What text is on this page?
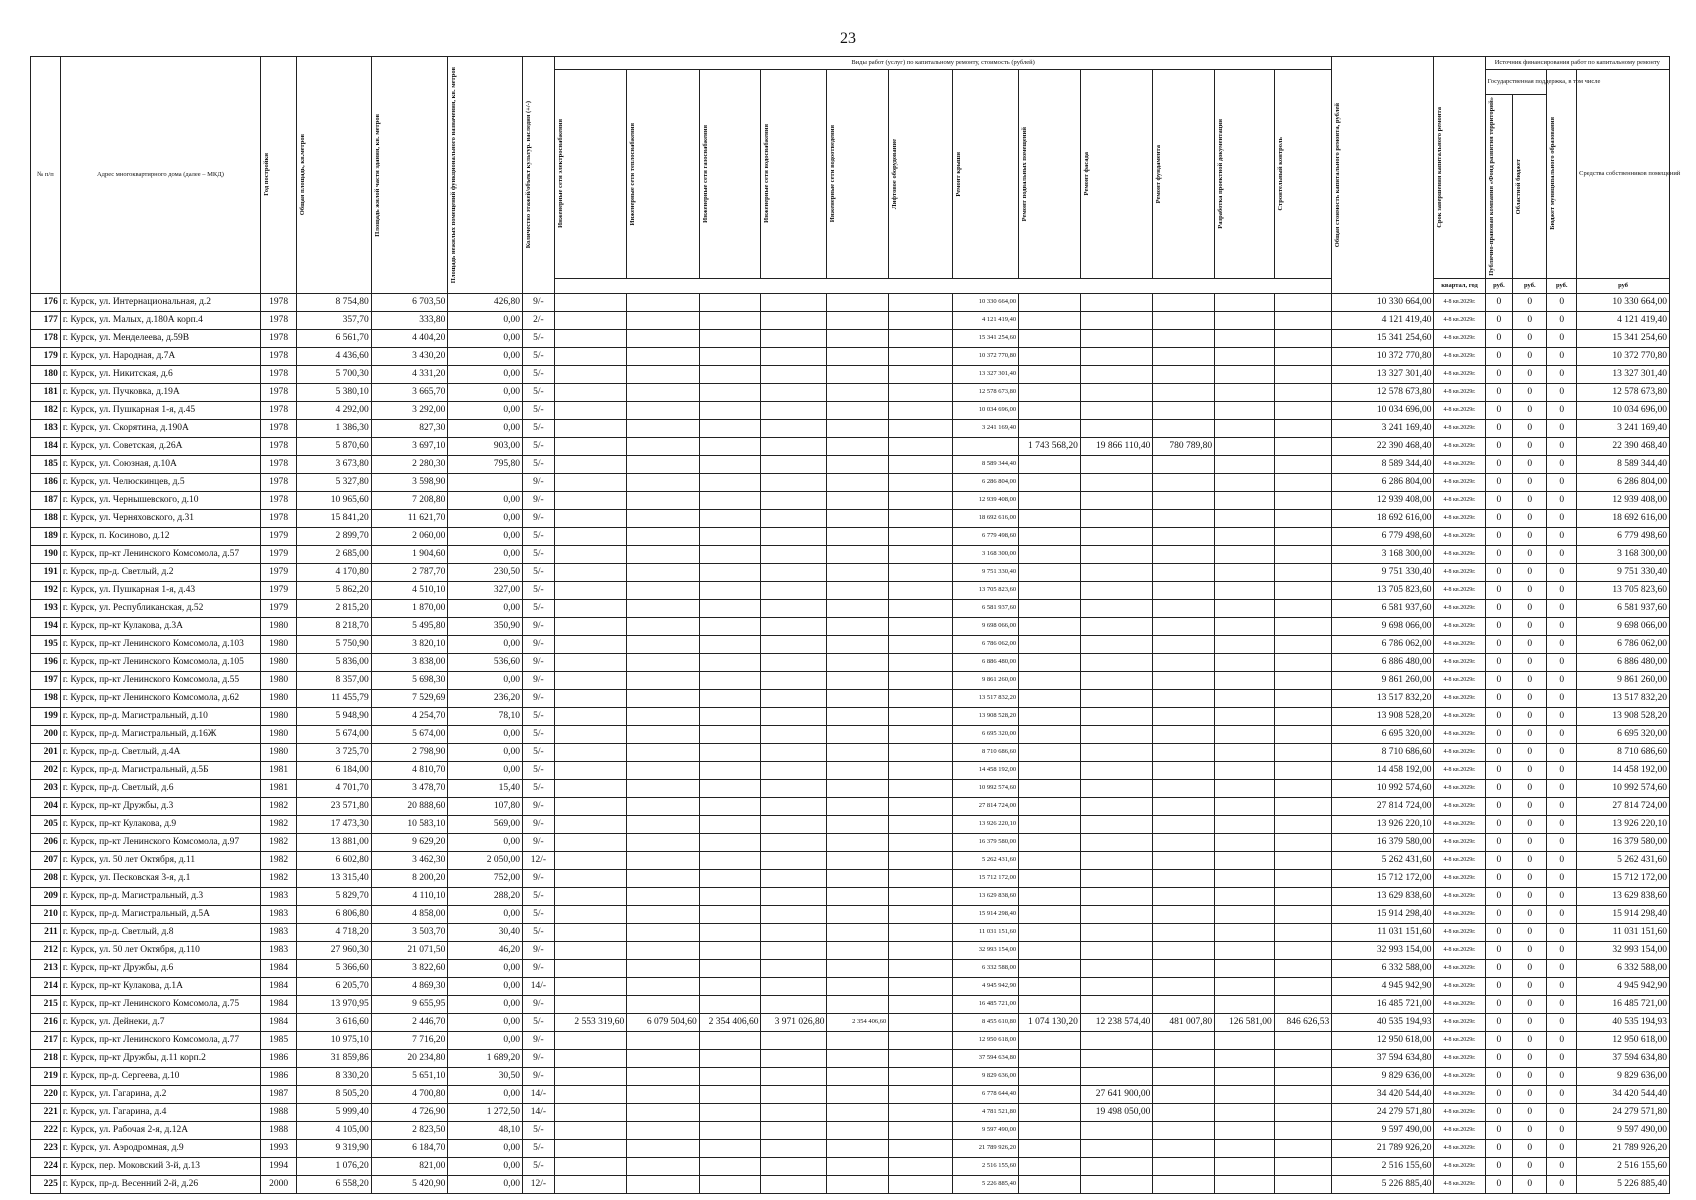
23
№ п/п	Адрес многоквартирного дома (далее – МКД)	Год постройки	Общая площадь, кв.метров	Площадь жилой части здания, кв. метров	Площадь нежилых помещений функционального назначения, кв. метров	Количество этажей/объект культур. наследия (+/-)	Виды работ (услуг) по капитальному ремонту, стоимость (рублей)												Общая стоимость капитального ремонта, рублей	Срок завершения капитального ремонта	Источник финансирования работ по капитальному ремонту			

							Инженерные сети электроснабжения	Инженерные сети теплоснабжения	Инженерные сети газоснабжения	Инженерные сети водоснабжения	Инженерные сети водоотведения	Лифтовое оборудование	Ремонт крыши	Ремонт подвальных помещений	Ремонт фасада	Ремонт фундамента	Разработка проектной документации	Строительный контроль			Государственная поддержка, в том числе		Бюджет муниципального образования	Средства собственников помещений

																					Публично-правовая компания «Фонд развития территорий»	Областной бюджет		

																				квартал, год	руб.	руб.	руб.	руб
176	г. Курск, ул. Интернациональная, д.2	1978	8 754,80	6 703,50	426,80	9/-							10 330 664,00						10 330 664,00	4-8 кв.2029г.	0	0	0	10 330 664,00
177	г. Курск, ул. Малых, д.180А корп.4	1978	357,70	333,80	0,00	2/-							4 121 419,40						4 121 419,40	4-8 кв.2029г.	0	0	0	4 121 419,40
178	г. Курск, ул. Менделеева, д.59В	1978	6 561,70	4 404,20	0,00	5/-							15 341 254,60						15 341 254,60	4-8 кв.2029г.	0	0	0	15 341 254,60
179	г. Курск, ул. Народная, д.7А	1978	4 436,60	3 430,20	0,00	5/-							10 372 770,80						10 372 770,80	4-8 кв.2029г.	0	0	0	10 372 770,80
180	г. Курск, ул. Никитская, д.6	1978	5 700,30	4 331,20	0,00	5/-							13 327 301,40						13 327 301,40	4-8 кв.2029г.	0	0	0	13 327 301,40
181	г. Курск, ул. Пучковка, д.19А	1978	5 380,10	3 665,70	0,00	5/-							12 578 673,80						12 578 673,80	4-8 кв.2029г.	0	0	0	12 578 673,80
182	г. Курск, ул. Пушкарная 1-я, д.45	1978	4 292,00	3 292,00	0,00	5/-							10 034 696,00						10 034 696,00	4-8 кв.2029г.	0	0	0	10 034 696,00
183	г. Курск, ул. Скорятина, д.190А	1978	1 386,30	827,30	0,00	5/-							3 241 169,40						3 241 169,40	4-8 кв.2029г.	0	0	0	3 241 169,40
184	г. Курск, ул. Советская, д.26А	1978	5 870,60	3 697,10	903,00	5/-								1 743 568,20	19 866 110,40	780 789,80			22 390 468,40	4-8 кв.2029г.	0	0	0	22 390 468,40
185	г. Курск, ул. Союзная, д.10А	1978	3 673,80	2 280,30	795,80	5/-							8 589 344,40						8 589 344,40	4-8 кв.2029г.	0	0	0	8 589 344,40
186	г. Курск, ул. Челюскинцев, д.5	1978	5 327,80	3 598,90		9/-							6 286 804,00						6 286 804,00	4-8 кв.2029г.	0	0	0	6 286 804,00
187	г. Курск, ул. Чернышевского, д.10	1978	10 965,60	7 208,80	0,00	9/-							12 939 408,00						12 939 408,00	4-8 кв.2029г.	0	0	0	12 939 408,00
188	г. Курск, ул. Черняховского, д.31	1978	15 841,20	11 621,70	0,00	9/-							18 692 616,00						18 692 616,00	4-8 кв.2029г.	0	0	0	18 692 616,00
189	г. Курск, п. Косиново, д.12	1979	2 899,70	2 060,00	0,00	5/-							6 779 498,60						6 779 498,60	4-8 кв.2029г.	0	0	0	6 779 498,60
190	г. Курск, пр-кт Ленинского Комсомола, д.57	1979	2 685,00	1 904,60	0,00	5/-							3 168 300,00						3 168 300,00	4-8 кв.2029г.	0	0	0	3 168 300,00
191	г. Курск, пр-д. Светлый, д.2	1979	4 170,80	2 787,70	230,50	5/-							9 751 330,40						9 751 330,40	4-8 кв.2029г.	0	0	0	9 751 330,40
192	г. Курск, ул. Пушкарная 1-я, д.43	1979	5 862,20	4 510,10	327,00	5/-							13 705 823,60						13 705 823,60	4-8 кв.2029г.	0	0	0	13 705 823,60
193	г. Курск, ул. Республиканская, д.52	1979	2 815,20	1 870,00	0,00	5/-							6 581 937,60						6 581 937,60	4-8 кв.2029г.	0	0	0	6 581 937,60
194	г. Курск, пр-кт Кулакова, д.3А	1980	8 218,70	5 495,80	350,90	9/-							9 698 066,00						9 698 066,00	4-8 кв.2029г.	0	0	0	9 698 066,00
195	г. Курск, пр-кт Ленинского Комсомола, д.103	1980	5 750,90	3 820,10	0,00	9/-							6 786 062,00						6 786 062,00	4-8 кв.2029г.	0	0	0	6 786 062,00
196	г. Курск, пр-кт Ленинского Комсомола, д.105	1980	5 836,00	3 838,00	536,60	9/-							6 886 480,00						6 886 480,00	4-8 кв.2029г.	0	0	0	6 886 480,00
197	г. Курск, пр-кт Ленинского Комсомола, д.55	1980	8 357,00	5 698,30	0,00	9/-							9 861 260,00						9 861 260,00	4-8 кв.2029г.	0	0	0	9 861 260,00
198	г. Курск, пр-кт Ленинского Комсомола, д.62	1980	11 455,79	7 529,69	236,20	9/-							13 517 832,20						13 517 832,20	4-8 кв.2029г.	0	0	0	13 517 832,20
199	г. Курск, пр-д. Магистральный, д.10	1980	5 948,90	4 254,70	78,10	5/-							13 908 528,20						13 908 528,20	4-8 кв.2029г.	0	0	0	13 908 528,20
200	г. Курск, пр-д. Магистральный, д.16Ж	1980	5 674,00	5 674,00	0,00	5/-							6 695 320,00						6 695 320,00	4-8 кв.2029г.	0	0	0	6 695 320,00
201	г. Курск, пр-д. Светлый, д.4А	1980	3 725,70	2 798,90	0,00	5/-							8 710 686,60						8 710 686,60	4-8 кв.2029г.	0	0	0	8 710 686,60
202	г. Курск, пр-д. Магистральный, д.5Б	1981	6 184,00	4 810,70	0,00	5/-							14 458 192,00						14 458 192,00	4-8 кв.2029г.	0	0	0	14 458 192,00
203	г. Курск, пр-д. Светлый, д.6	1981	4 701,70	3 478,70	15,40	5/-							10 992 574,60						10 992 574,60	4-8 кв.2029г.	0	0	0	10 992 574,60
204	г. Курск, пр-кт Дружбы, д.3	1982	23 571,80	20 888,60	107,80	9/-							27 814 724,00						27 814 724,00	4-8 кв.2029г.	0	0	0	27 814 724,00
205	г. Курск, пр-кт Кулакова, д.9	1982	17 473,30	10 583,10	569,00	9/-							13 926 220,10						13 926 220,10	4-8 кв.2029г.	0	0	0	13 926 220,10
206	г. Курск, пр-кт Ленинского Комсомола, д.97	1982	13 881,00	9 629,20	0,00	9/-							16 379 580,00						16 379 580,00	4-8 кв.2029г.	0	0	0	16 379 580,00
207	г. Курск, ул. 50 лет Октября, д.11	1982	6 602,80	3 462,30	2 050,00	12/-							5 262 431,60						5 262 431,60	4-8 кв.2029г.	0	0	0	5 262 431,60
208	г. Курск, ул. Песковская 3-я, д.1	1982	13 315,40	8 200,20	752,00	9/-							15 712 172,00						15 712 172,00	4-8 кв.2029г.	0	0	0	15 712 172,00
209	г. Курск, пр-д. Магистральный, д.3	1983	5 829,70	4 110,10	288,20	5/-							13 629 838,60						13 629 838,60	4-8 кв.2029г.	0	0	0	13 629 838,60
210	г. Курск, пр-д. Магистральный, д.5А	1983	6 806,80	4 858,00	0,00	5/-							15 914 298,40						15 914 298,40	4-8 кв.2029г.	0	0	0	15 914 298,40
211	г. Курск, пр-д. Светлый, д.8	1983	4 718,20	3 503,70	30,40	5/-							11 031 151,60						11 031 151,60	4-8 кв.2029г.	0	0	0	11 031 151,60
212	г. Курск, ул. 50 лет Октября, д.110	1983	27 960,30	21 071,50	46,20	9/-							32 993 154,00						32 993 154,00	4-8 кв.2029г.	0	0	0	32 993 154,00
213	г. Курск, пр-кт Дружбы, д.6	1984	5 366,60	3 822,60	0,00	9/-							6 332 588,00						6 332 588,00	4-8 кв.2029г.	0	0	0	6 332 588,00
214	г. Курск, пр-кт Кулакова, д.1А	1984	6 205,70	4 869,30	0,00	14/-							4 945 942,90						4 945 942,90	4-8 кв.2029г.	0	0	0	4 945 942,90
215	г. Курск, пр-кт Ленинского Комсомола, д.75	1984	13 970,95	9 655,95	0,00	9/-							16 485 721,00						16 485 721,00	4-8 кв.2029г.	0	0	0	16 485 721,00
216	г. Курск, ул. Дейнеки, д.7	1984	3 616,60	2 446,70	0,00	5/-	2 553 319,60	6 079 504,60	2 354 406,60	3 971 026,80	2 354 406,60		8 455 610,80	1 074 130,20	12 238 574,40	481 007,80	126 581,00	846 626,53	40 535 194,93	4-8 кв.2029г.	0	0	0	40 535 194,93
217	г. Курск, пр-кт Ленинского Комсомола, д.77	1985	10 975,10	7 716,20	0,00	9/-							12 950 618,00						12 950 618,00	4-8 кв.2029г.	0	0	0	12 950 618,00
218	г. Курск, пр-кт Дружбы, д.11 корп.2	1986	31 859,86	20 234,80	1 689,20	9/-							37 594 634,80						37 594 634,80	4-8 кв.2029г.	0	0	0	37 594 634,80
219	г. Курск, пр-д. Сергеева, д.10	1986	8 330,20	5 651,10	30,50	9/-							9 829 636,00						9 829 636,00	4-8 кв.2029г.	0	0	0	9 829 636,00
220	г. Курск, ул. Гагарина, д.2	1987	8 505,20	4 700,80	0,00	14/-							6 778 644,40		27 641 900,00				34 420 544,40	4-8 кв.2029г.	0	0	0	34 420 544,40
221	г. Курск, ул. Гагарина, д.4	1988	5 999,40	4 726,90	1 272,50	14/-							4 781 521,80		19 498 050,00				24 279 571,80	4-8 кв.2029г.	0	0	0	24 279 571,80
222	г. Курск, ул. Рабочая 2-я, д.12А	1988	4 105,00	2 823,50	48,10	5/-							9 597 490,00						9 597 490,00	4-8 кв.2029г.	0	0	0	9 597 490,00
223	г. Курск, ул. Аэродромная, д.9	1993	9 319,90	6 184,70	0,00	5/-							21 789 926,20						21 789 926,20	4-8 кв.2029г.	0	0	0	21 789 926,20
224	г. Курск, пер. Моковский 3-й, д.13	1994	1 076,20	821,00	0,00	5/-							2 516 155,60						2 516 155,60	4-8 кв.2029г.	0	0	0	2 516 155,60
225	г. Курск, пр-д. Весенний 2-й, д.26	2000	6 558,20	5 420,90	0,00	12/-							5 226 885,40						5 226 885,40	4-8 кв.2029г.	0	0	0	5 226 885,40
